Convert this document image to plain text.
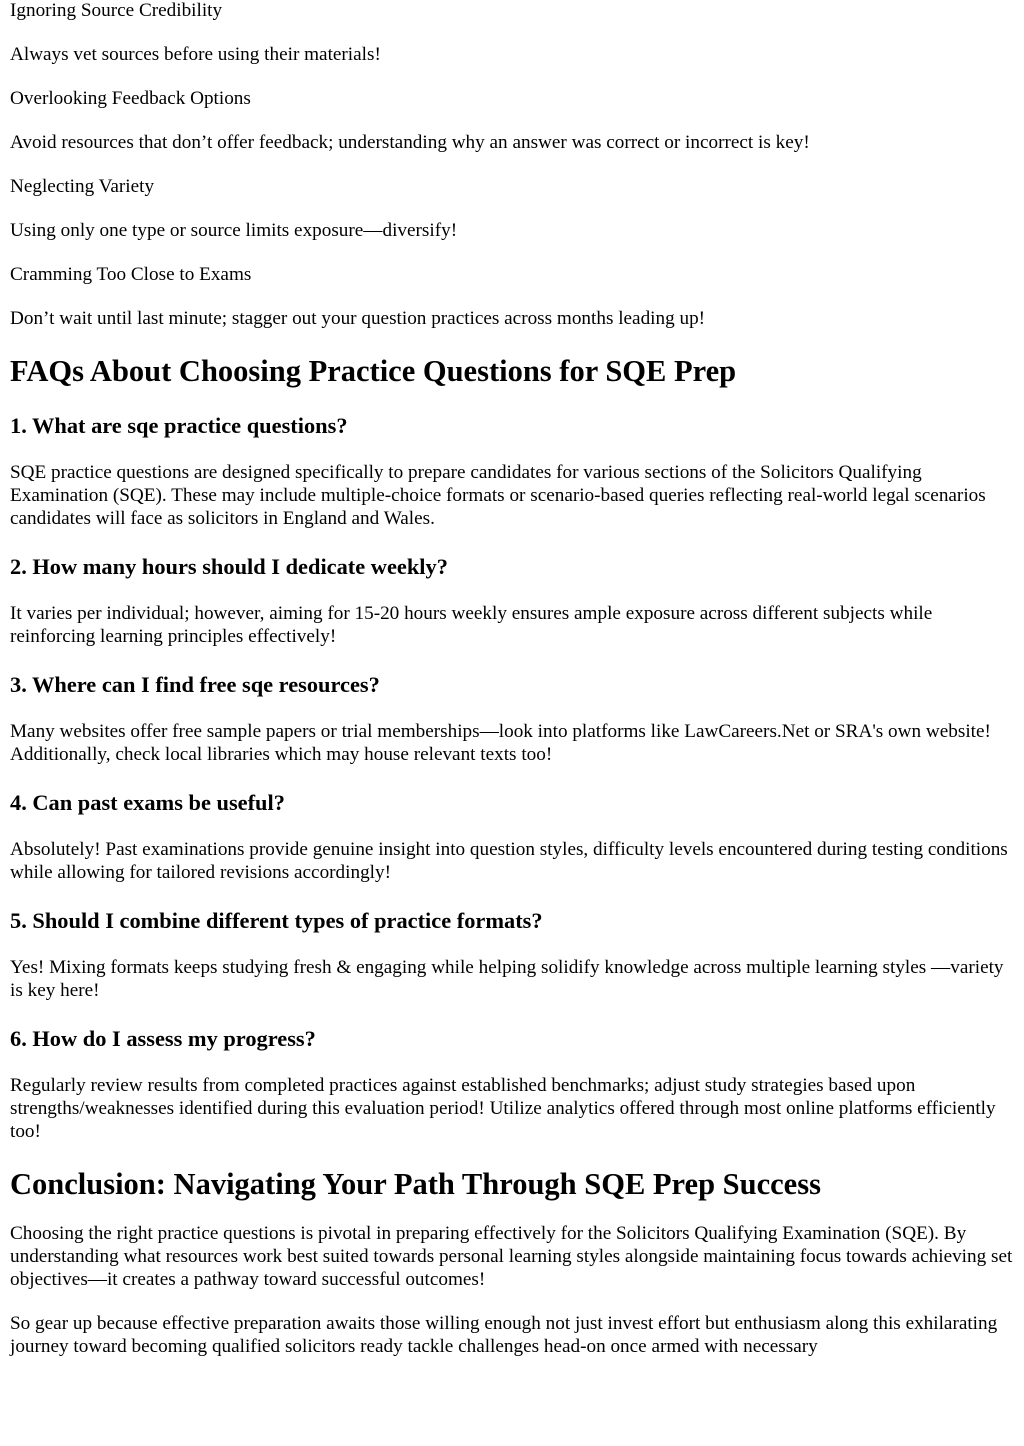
Ignoring Source Credibility

Always vet sources before using their materials!

Overlooking Feedback Options

Avoid resources that don’t offer feedback; understanding why an answer was correct or incorrect is key!

Neglecting Variety

Using only one type or source limits exposure—diversify!

Cramming Too Close to Exams

Don’t wait until last minute; stagger out your question practices across months leading up!

FAQs About Choosing Practice Questions for SQE Prep
1. What are sqe practice questions?

SQE practice questions are designed specifically to prepare candidates for various sections of the Solicitors Qualifying Examination (SQE). These may include multiple-choice formats or scenario-based queries reflecting real-world legal scenarios candidates will face as solicitors in England and Wales.

2. How many hours should I dedicate weekly?

It varies per individual; however, aiming for 15-20 hours weekly ensures ample exposure across different subjects while reinforcing learning principles effectively!

3. Where can I find free sqe resources?

Many websites offer free sample papers or trial memberships—look into platforms like LawCareers.Net or SRA's own website! Additionally, check local libraries which may house relevant texts too!

4. Can past exams be useful?

Absolutely! Past examinations provide genuine insight into question styles, difficulty levels encountered during testing conditions while allowing for tailored revisions accordingly!

5. Should I combine different types of practice formats?

Yes! Mixing formats keeps studying fresh & engaging while helping solidify knowledge across multiple learning styles —variety is key here!

6. How do I assess my progress?

Regularly review results from completed practices against established benchmarks; adjust study strategies based upon strengths/weaknesses identified during this evaluation period! Utilize analytics offered through most online platforms efficiently too!

Conclusion: Navigating Your Path Through SQE Prep Success

Choosing the right practice questions is pivotal in preparing effectively for the Solicitors Qualifying Examination (SQE). By understanding what resources work best suited towards personal learning styles alongside maintaining focus towards achieving set objectives—it creates a pathway toward successful outcomes!

So gear up because effective preparation awaits those willing enough not just invest effort but enthusiasm along this exhilarating journey toward becoming qualified solicitors ready tackle challenges head-on once armed with necessary
